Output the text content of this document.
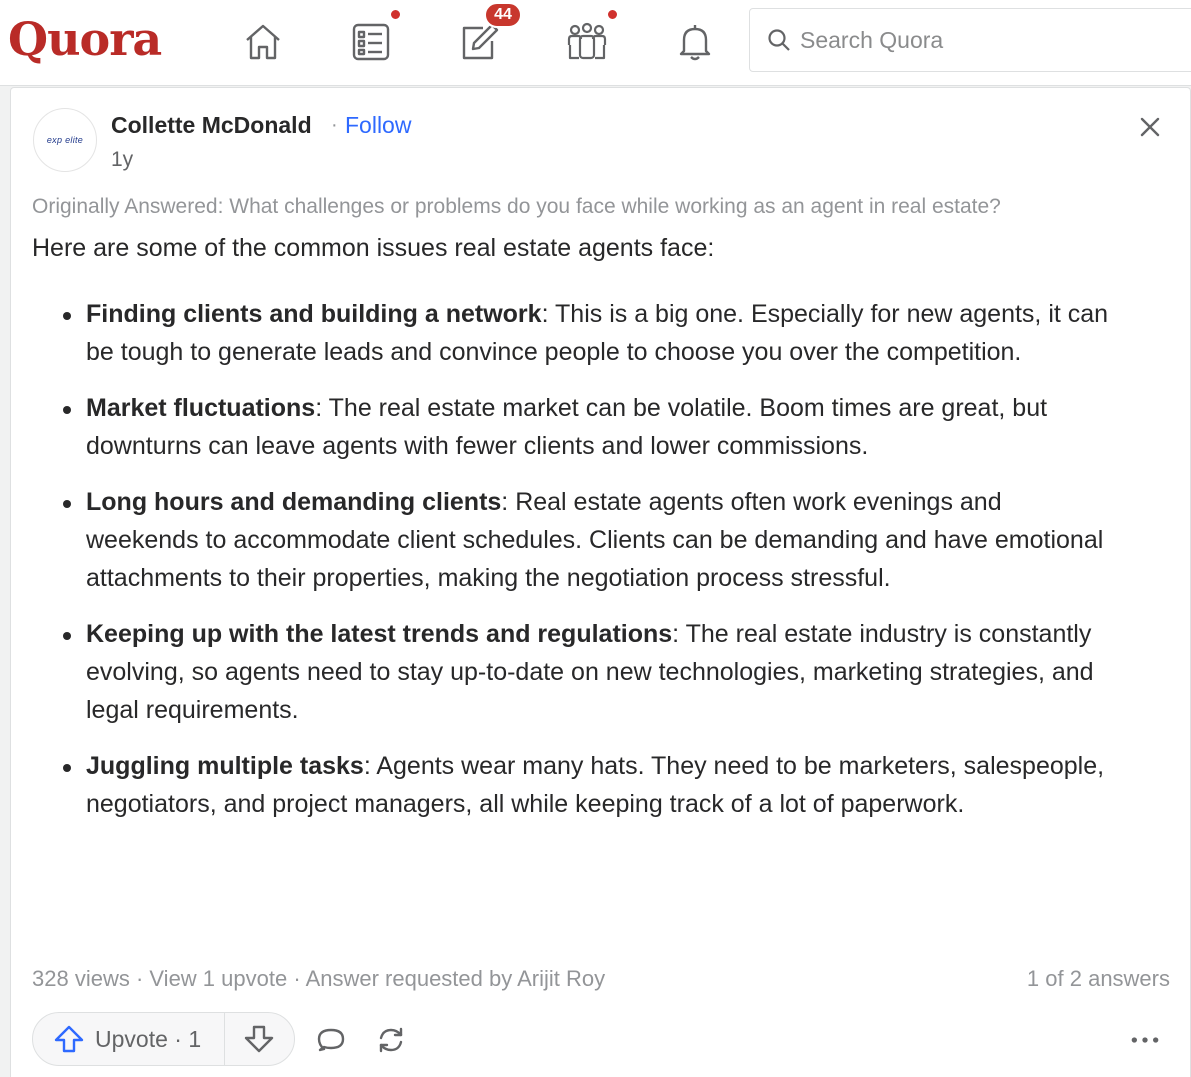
Quora	44
Search Quora
exp elite
Collette McDonald · Follow
1y
Originally Answered: What challenges or problems do you face while working as an agent in real estate?
Here are some of the common issues real estate agents face:
Finding clients and building a network: This is a big one. Especially for new agents, it can be tough to generate leads and convince people to choose you over the competition.
Market fluctuations: The real estate market can be volatile. Boom times are great, but downturns can leave agents with fewer clients and lower commissions.
Long hours and demanding clients: Real estate agents often work evenings and weekends to accommodate client schedules. Clients can be demanding and have emotional attachments to their properties, making the negotiation process stressful.
Keeping up with the latest trends and regulations: The real estate industry is constantly evolving, so agents need to stay up-to-date on new technologies, marketing strategies, and legal requirements.
Juggling multiple tasks: Agents wear many hats. They need to be marketers, salespeople, negotiators, and project managers, all while keeping track of a lot of paperwork.
328 views · View 1 upvote · Answer requested by Arijit Roy	1 of 2 answers
Upvote · 1
